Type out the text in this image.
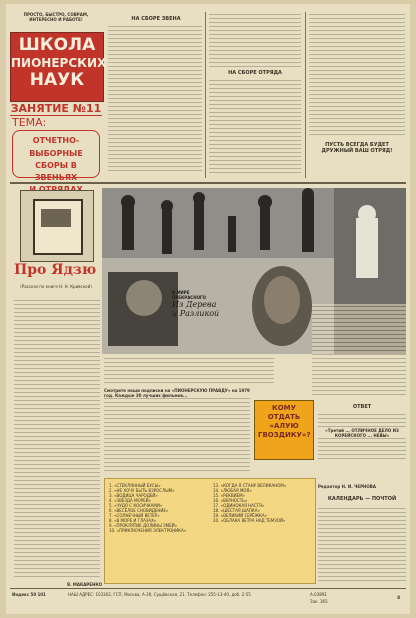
ПРОСТО, БЫСТРО, СОВРАМ, ИНТЕРЕСНО И РАБОТЕ!
ШКОЛА
ПИОНЕРСКИХ
НАУК
ЗАНЯТИЕ №11
ТЕМА:
ОТЧЕТНО-ВЫБОРНЫЕ
СБОРЫ В ЗВЕНЬЯХ
НА СБОРЕ ЗВЕНА
НА СБОРЕ ОТРЯДА
ПУСТЬ ВСЕГДА БУДЕТ ДРУЖНЫЙ ВАШ ОТРЯД!
Про Ядзю
(Рассказ по книге Н. Н. Кривской)
Я. МАКАРЕНКО
В МИРЕ
ПРЕКРАСНОГО
Из Дерева
и Разликой
Смотрите наши подписки на «ПИОНЕРСКУЮ ПРАВДУ» на 1979 год. Каждые 30 лучших фильмов...
КОМУ ОТДАТЬ «АЛУЮ ГВОЗДИКУ»?
1. «СТЕКЛЯННЫЙ БУСЫ»
2. «НЕ ХОЧУ БЫТЬ ВЗРОСЛЫМ»
3. «ВОДИЦА ЧАРОДЕЙ»
4. «ЗВЕЗДА МОРЕЙ»
5. «ЧУДО С КОСИЧКАМИ»
6. «ВЕСЁЛОЕ СНОВИДЕНИЕ»
7. «СОЛНЕЧНЫЙ ВЕТЕР»
8. «В МОРЕ И ГЛАЗАХ»
9. «ПРОКЛЯТИЕ ДОЛИНЫ ЗМЕЙ»
10. «ПРИКЛЮЧЕНИЯ ЭЛЕКТРОНИКА»
13. «КОГДА Я СТАНУ ВЕЛИКАНОМ»
14. «ЛЮБАЯ МОЯ»
15. «РЕКВИЕМ»
16. «ВЕРНОСТЬ»
17. «ОДИНОКАЯ НАСТЯ»
18. «ШЕСТАЯ ШАПКА»
19. «ВЕЛИКИЙ СЕРЁЖКА»
20. «ОБЛАКА ВЕТРА НАД ТЕМЗОЙ»
ОТВЕТ
«Третий ... ОТЛИЧНОЕ ДЕЛО ИЗ КОРЕЙСКОГО ... НЕВЫ»
Редактор Н. И. ЧЕРНОВА
КАЛЕНДАРЬ — ПОЧТОЙ
Индекс 50 101	НАШ АДРЕС: 103302, ГСП, Москва, А-30, Сущёвская, 21. Телефон: 255-13-40, доб. 2-55	А-03891
Зак. 365
8
